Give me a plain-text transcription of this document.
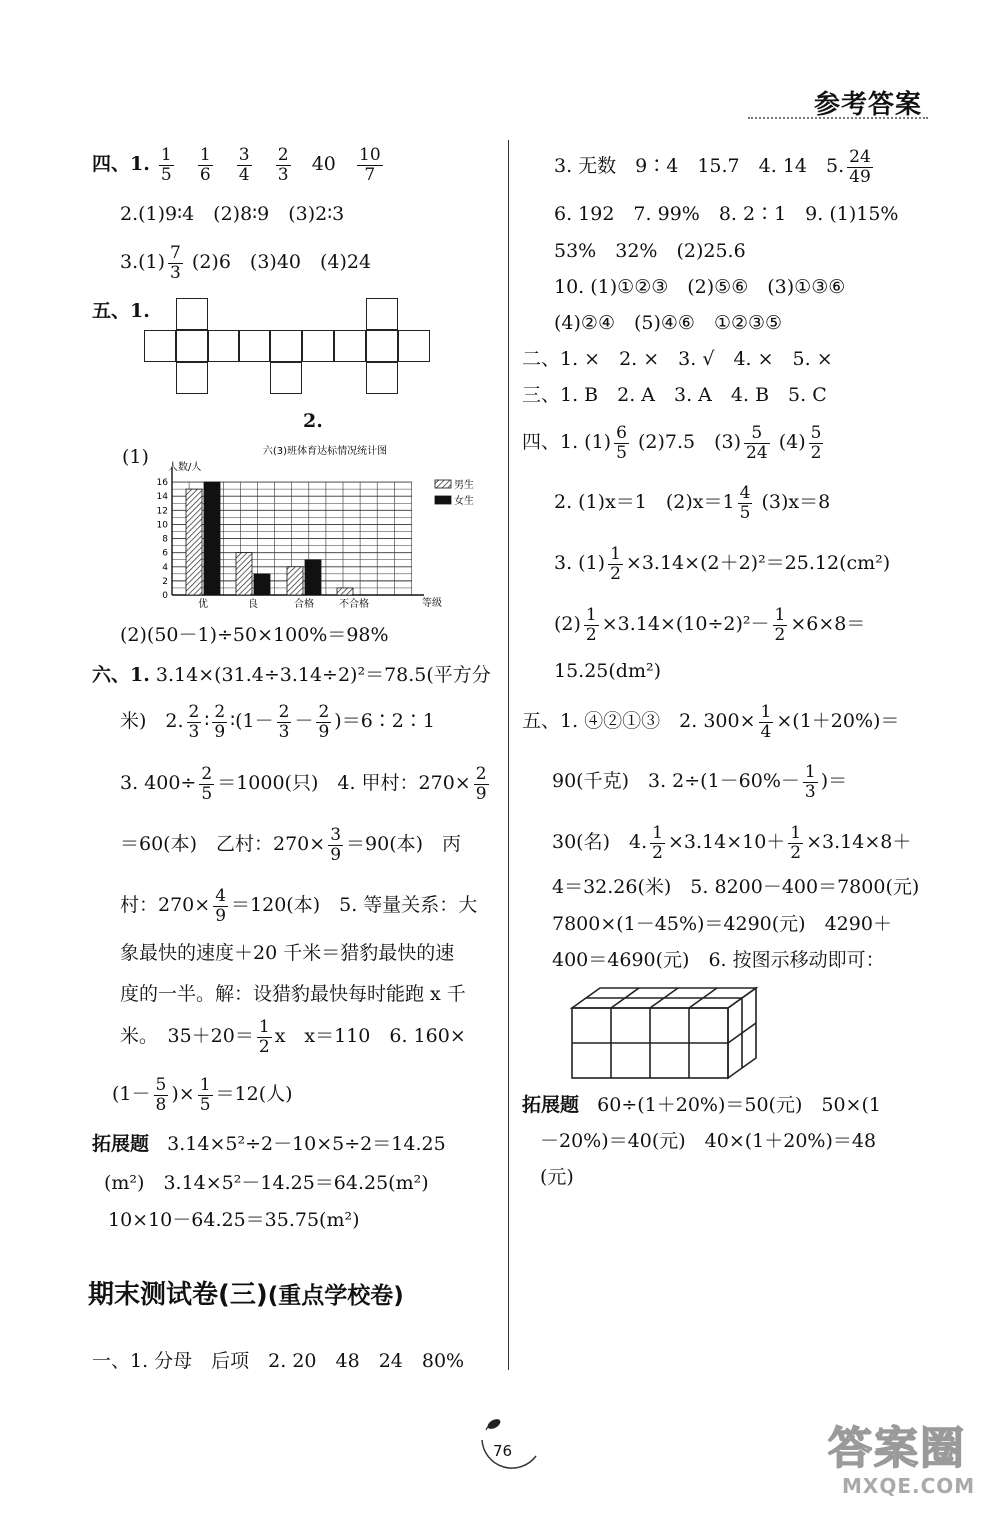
参考答案
四、1. $\frac{1}{5}$
$\frac{1}{6}$
$\frac{3}{4}$
$\frac{2}{3} 40 \frac{10}{7}$
2.(1)9∶4　(2)8∶9　(3)2∶3
$3.(1) \frac{7}{3} (2)6$　(3)40　(4)24
五、1.
2.
(1)	六(3)班体育达标情况统计图
人数/人
等级
0
2
4
6
8
10
12
14
16
优	良	合格	不合格
男生
女生
(2)(50－1)÷50×100%＝98%
六、1. 3.14×(31.4÷3.14÷2)²＝78.5(平方分
米)　2. $\frac{2}{3}$ ∶ $\frac{2}{9}$ ∶(1－ $\frac{2}{3} - \frac{2}{9}$ )＝6∶2∶1
3. $400\div \frac{2}{5} =1000$(只)　4. 甲村：$270\times \frac{2}{9}$
＝60(本)　乙村：$270\times \frac{3}{9} =90$(本)　丙
村：$270\times \frac{4}{9} =120$(本)　5. 等量关系：大
象最快的速度＋20 千米＝猎豹最快的速
度的一半。解：设猎豹最快每时能跑 x 千
米。　$35+20= \frac{1}{2}$ x　x＝110　6. 160×
($1- \frac{5}{8}$ )× $\frac{1}{5} =12$(人)
拓展题 3.14×5²÷2－10×5÷2＝14.25
(m²)　3.14×5²－14.25＝64.25(m²)
10×10－64.25＝35.75(m²)
期末测试卷(三)(重点学校卷)
一、1. 分母　后项　2. 20　48　24　80%
3. 无数　9∶4　15.7　4. 14　5. $\frac{24}{49}$
6. 192　7. 99%　8. 2∶1　9. (1)15%
53%　32%　(2)25.6
10. (1)①②③　(2)⑤⑥　(3)①③⑥
(4)②④　(5)④⑥　①②③⑤
二、1. ×　2. ×　3. √　4. ×　5. ×
三、1. B　2. A　3. A　4. B　5. C
四、1. $(1) \frac{6}{5} (2)7.5$　$(3) \frac{5}{24} (4) \frac{5}{2}$
2. (1)x＝1　$(2)x=1 \frac{4}{5} (3)x=8$
3. $(1) \frac{1}{2} \times 3.14\times(2+2)^2=25.12(cm^2)$
$(2) \frac{1}{2} \times 3.14\times(10\div 2)^2- \frac{1}{2} \times 6\times 8=$
15.25(dm²)
五、1. ④②①③　2. $300\times \frac{1}{4} \times(1+20\%)=$
90(千克)　3. $2\div(1-60\%- \frac{1}{3}$ )＝
30(名)　4. $\frac{1}{2} \times 3.14\times 10+ \frac{1}{2} \times 3.14\times 8+$
4＝32.26(米)　5. 8200－400＝7800(元)
7800×(1－45%)＝4290(元)　4290＋
400＝4690(元)　6. 按图示移动即可：
拓展题 60÷(1＋20%)＝50(元)　50×(1
－20%)＝40(元)　40×(1＋20%)＝48
(元)
76	答案圈
MXQE.COM
